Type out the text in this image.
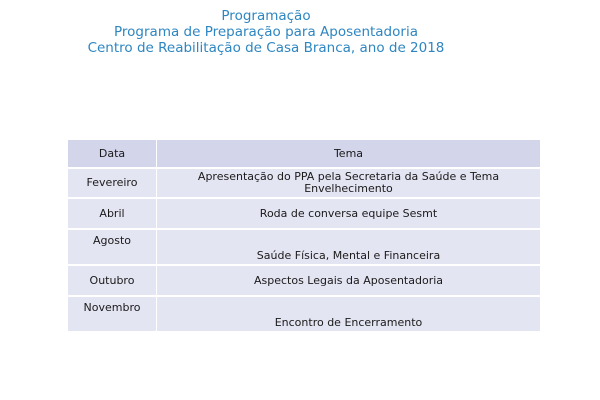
Programação
Programa de Preparação para Aposentadoria
Centro de Reabilitação de Casa Branca, ano de 2018
Data	Tema
Fevereiro	Apresentação do PPA pela Secretaria da Saúde e Tema Envelhecimento
Abril	Roda de conversa equipe Sesmt
Agosto	Saúde Física, Mental e Financeira
Outubro	Aspectos Legais da Aposentadoria
Novembro	Encontro de Encerramento
